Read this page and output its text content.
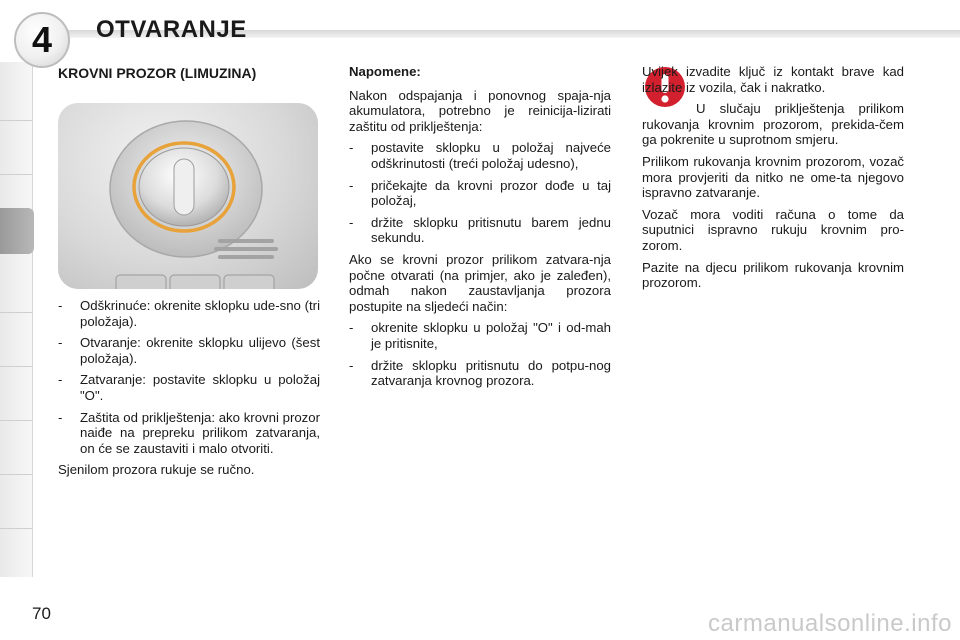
4	OTVARANJE
KROVNI PROZOR (LIMUZINA)
- Odškrinuće: okrenite sklopku ude-sno (tri položaja).
- Otvaranje: okrenite sklopku ulijevo (šest položaja).
- Zatvaranje: postavite sklopku u položaj "O".
- Zaštita od priklještenja: ako krovni prozor naiđe na prepreku prilikom zatvaranja, on će se zaustaviti i malo otvoriti.

Sjenilom prozora rukuje se ručno.

Napomene:

Nakon odspajanja i ponovnog spaja-nja akumulatora, potrebno je reinicija-lizirati zaštitu od priklještenja:

- postavite sklopku u položaj najveće odškrinutosti (treći položaj udesno),
- pričekajte da krovni prozor dođe u taj položaj,
- držite sklopku pritisnutu barem jednu sekundu.

Ako se krovni prozor prilikom zatvara-nja počne otvarati (na primjer, ako je zaleđen), odmah nakon zaustavljanja prozora postupite na sljedeći način:

- okrenite sklopku u položaj "O" i od-mah je pritisnite,
- držite sklopku pritisnutu do potpu-nog zatvaranja krovnog prozora.

Uvijek izvadite ključ iz kontakt brave kad izlazite iz vozila, čak i nakratko.

U slučaju priklještenja prilikom rukovanja krovnim prozorom, prekida-čem ga pokrenite u suprotnom smjeru.

Prilikom rukovanja krovnim prozorom, vozač mora provjeriti da nitko ne ome-ta njegovo ispravno zatvaranje.

Vozač mora voditi računa o tome da suputnici ispravno rukuju krovnim pro-zorom.

Pazite na djecu prilikom rukovanja krovnim prozorom.

70	carmanualsonline.info
